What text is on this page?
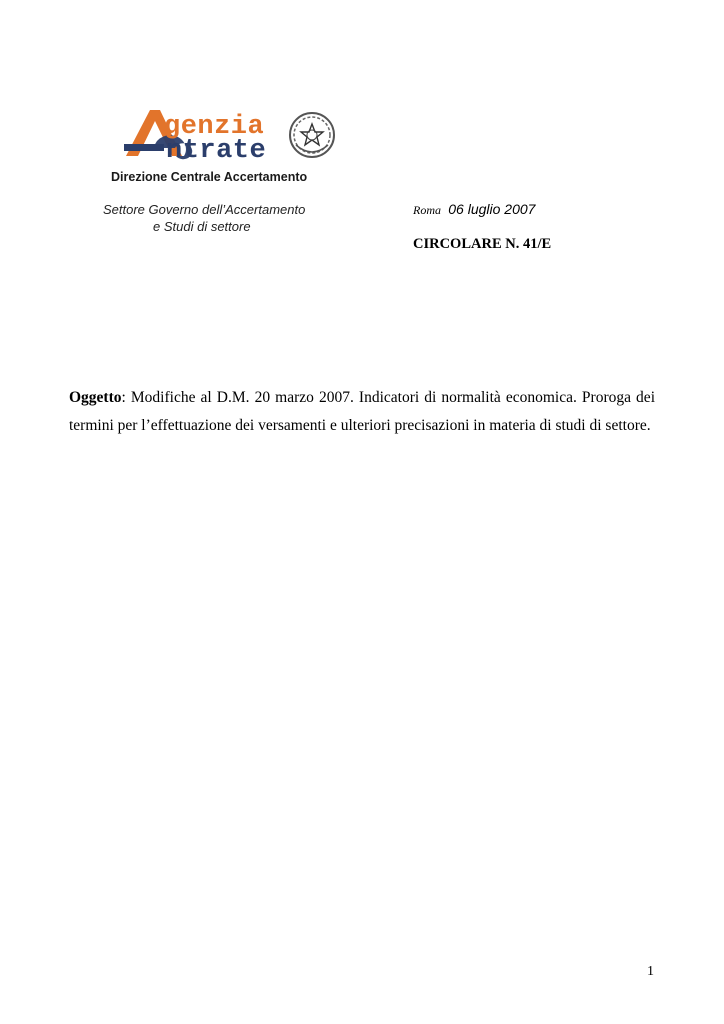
genzia
ntrate
Direzione Centrale Accertamento
Settore Governo dell’Accertamento
e Studi di settore
Roma 06 luglio 2007
CIRCOLARE N. 41/E
Oggetto: Modifiche al D.M. 20 marzo 2007. Indicatori di normalità economica. Proroga dei termini per l’effettuazione dei versamenti e ulteriori precisazioni in materia di studi di settore.
1
